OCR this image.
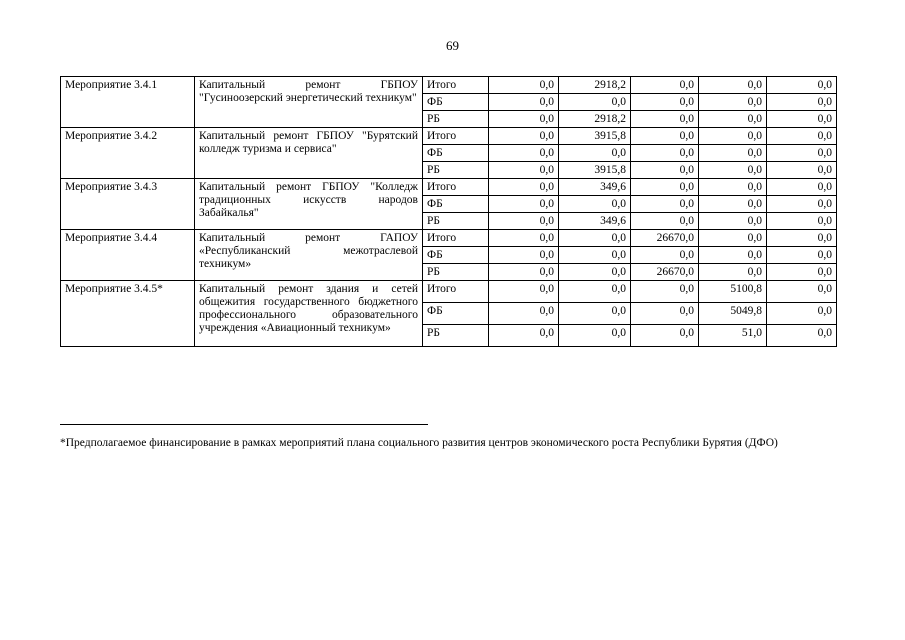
69
Мероприятие 3.4.1	Капитальный ремонт ГБПОУ "Гусиноозерский энергетический техникум"	Итого	0,0	2918,2	0,0	0,0	0,0
		ФБ	0,0	0,0	0,0	0,0	0,0
		РБ	0,0	2918,2	0,0	0,0	0,0
Мероприятие 3.4.2	Капитальный ремонт ГБПОУ "Бурятский колледж туризма и сервиса"	Итого	0,0	3915,8	0,0	0,0	0,0
		ФБ	0,0	0,0	0,0	0,0	0,0
		РБ	0,0	3915,8	0,0	0,0	0,0
Мероприятие 3.4.3	Капитальный ремонт ГБПОУ "Колледж традиционных искусств народов Забайкалья"	Итого	0,0	349,6	0,0	0,0	0,0
		ФБ	0,0	0,0	0,0	0,0	0,0
		РБ	0,0	349,6	0,0	0,0	0,0
Мероприятие 3.4.4	Капитальный ремонт ГАПОУ «Республиканский межотраслевой техникум»	Итого	0,0	0,0	26670,0	0,0	0,0
		ФБ	0,0	0,0	0,0	0,0	0,0
		РБ	0,0	0,0	26670,0	0,0	0,0
Мероприятие 3.4.5*	Капитальный ремонт здания и сетей общежития государственного бюджетного профессионального образовательного учреждения «Авиационный техникум»	Итого	0,0	0,0	0,0	5100,8	0,0
		ФБ	0,0	0,0	0,0	5049,8	0,0
		РБ	0,0	0,0	0,0	51,0	0,0
*Предполагаемое финансирование в рамках мероприятий плана социального развития центров экономического роста Республики Бурятия (ДФО)
